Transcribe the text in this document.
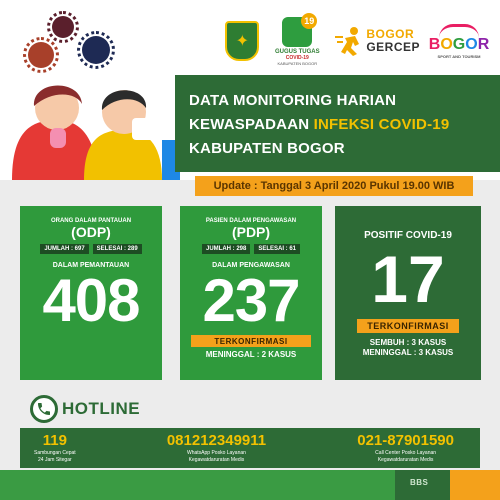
✦
19
GUGUS TUGAS
COVID-19
KABUPATEN BOGOR
BOGOR
GERCEP BOGOR
SPORT AND TOURISM
DATA MONITORING HARIAN
KEWASPADAAN INFEKSI COVID-19
KABUPATEN BOGOR
Update : Tanggal 3 April 2020 Pukul 19.00 WIB
ORANG DALAM PANTAUAN
(ODP)
JUMLAH : 697	SELESAI : 289
DALAM PEMANTAUAN
408
PASIEN DALAM PENGAWASAN
(PDP)
JUMLAH : 298	SELESAI : 61
DALAM PENGAWASAN
237
TERKONFIRMASI
MENINGGAL : 2 KASUS
POSITIF COVID-19
17
TERKONFIRMASI
SEMBUH : 3 KASUS
MENINGGAL : 3 KASUS
HOTLINE
119
Sambungan Cepat
24 Jam Sitegar
081212349911
WhatsApp Posko Layanan
Kegawatdaruratan Medis
021-87901590
Call Center Posko Layanan
Kegawatdaruratan Medis
BBS
